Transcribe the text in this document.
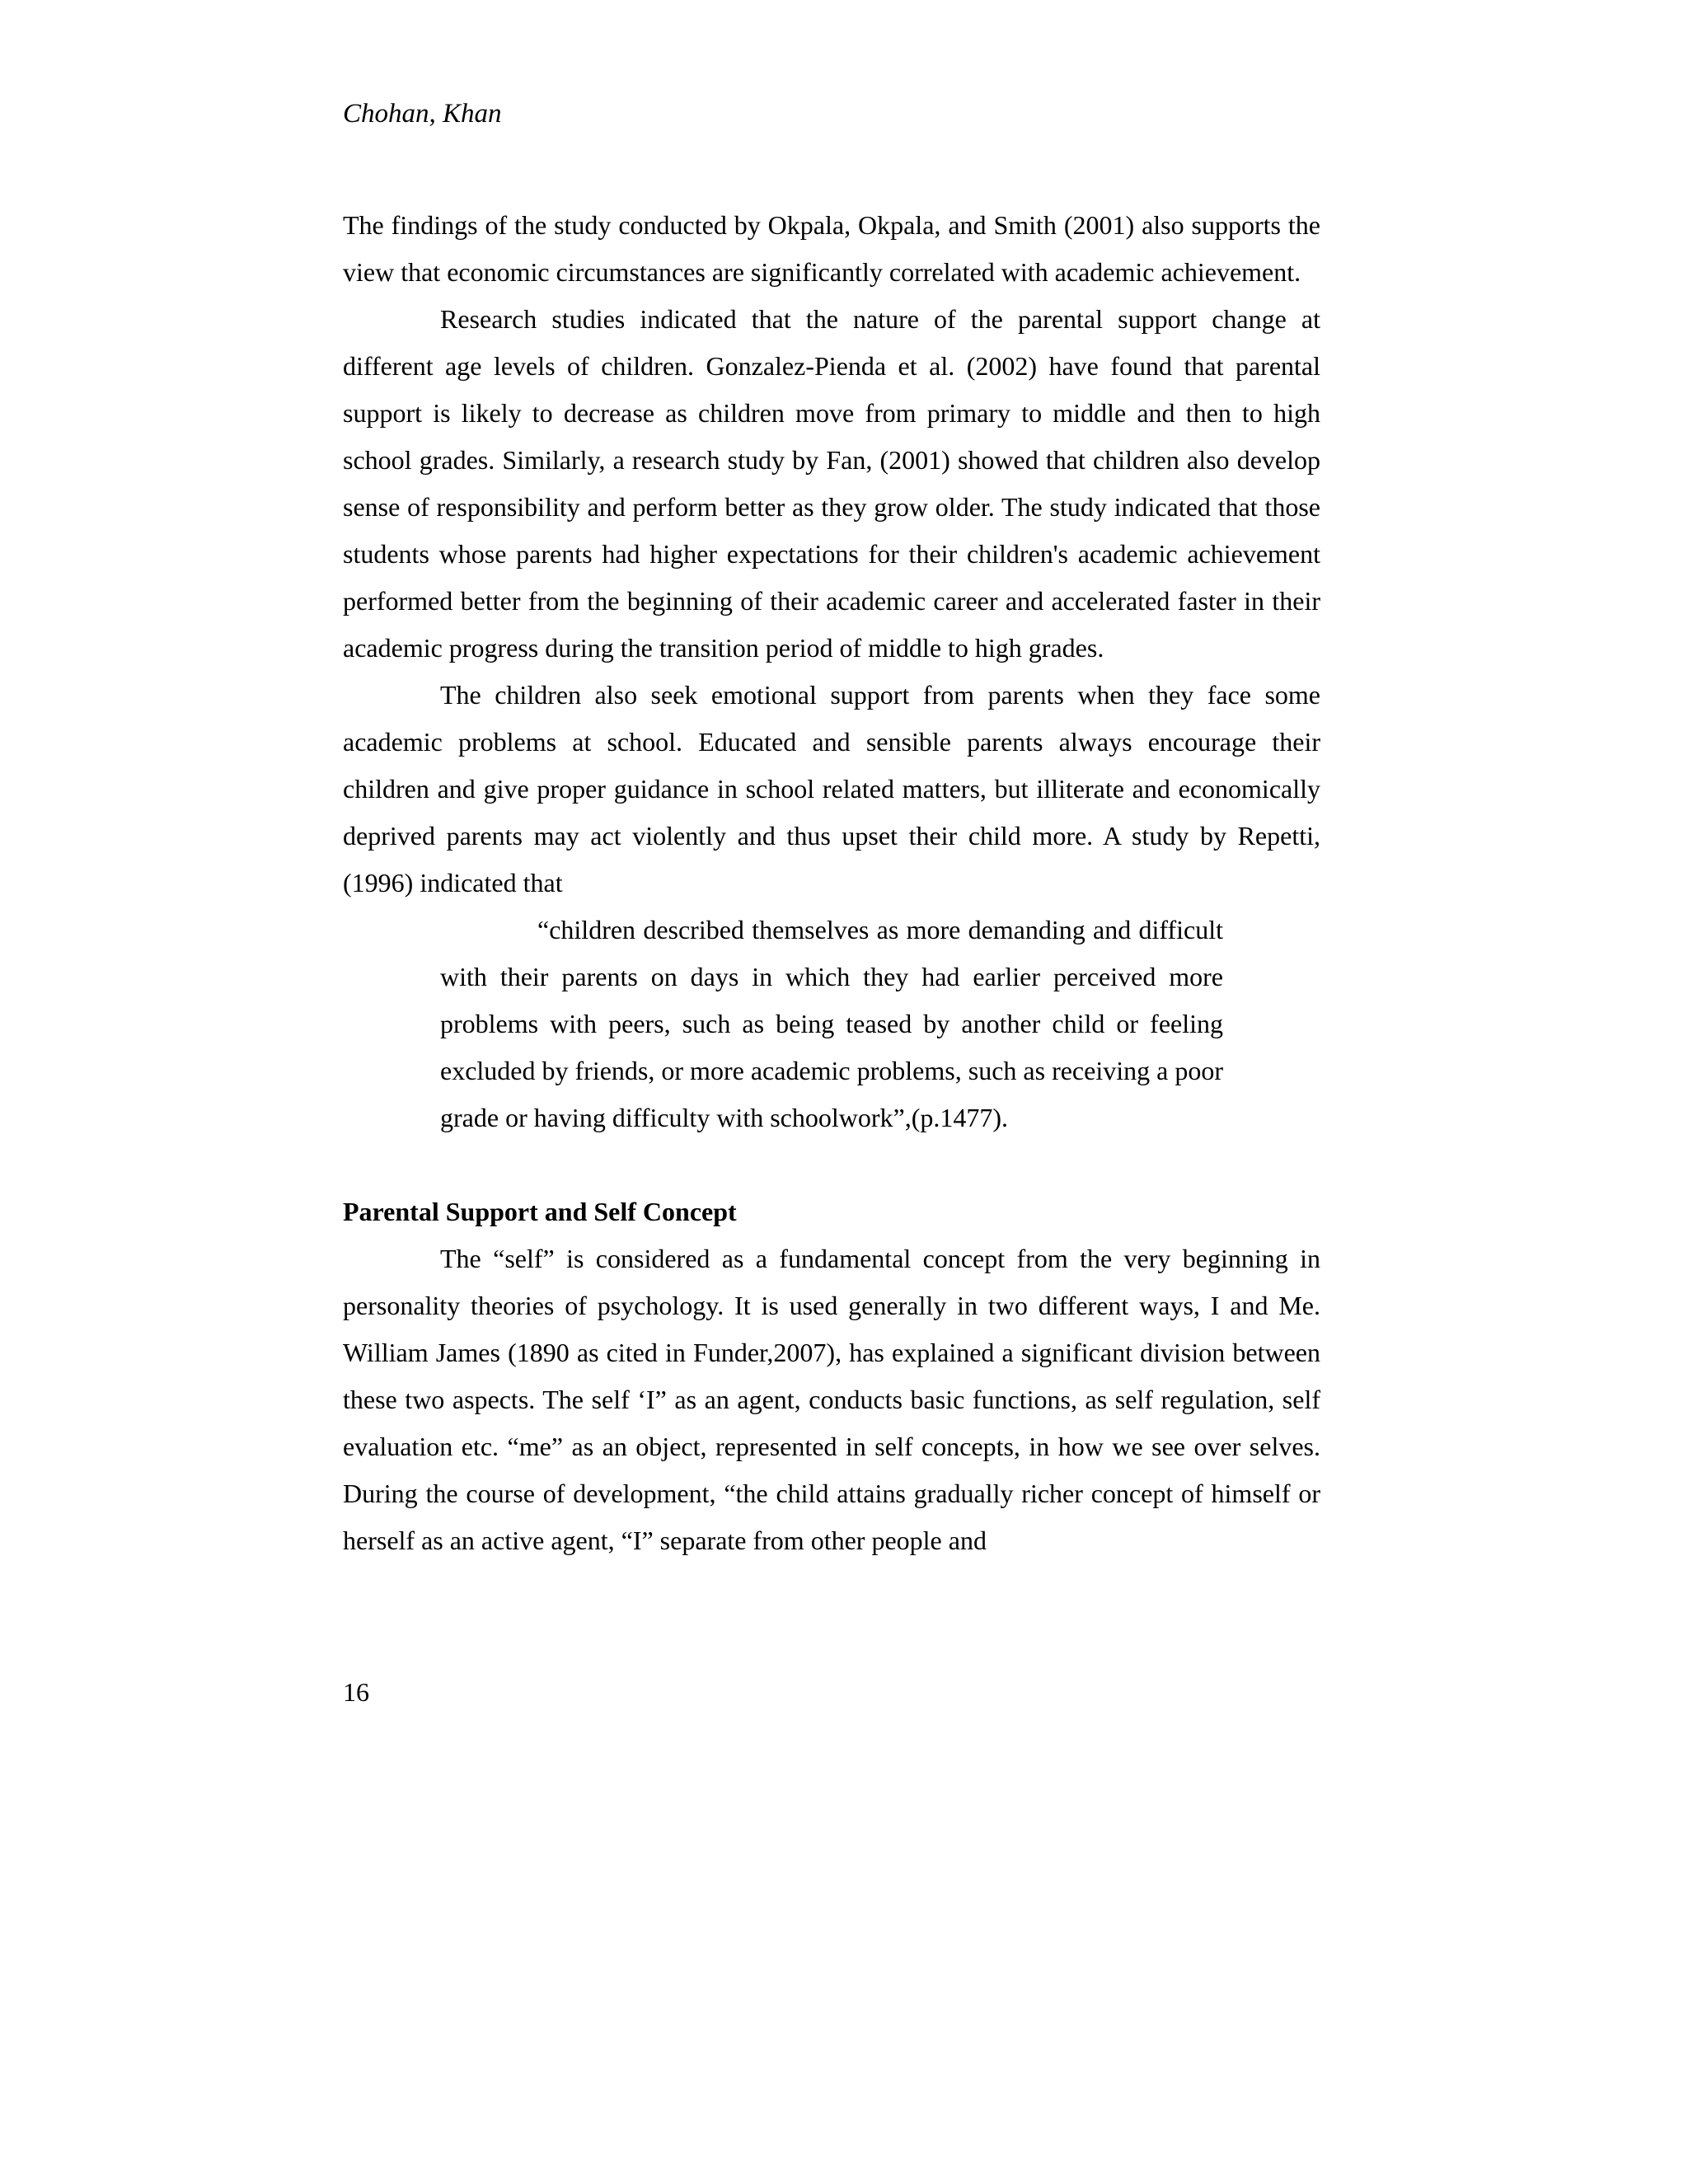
Chohan, Khan

The findings of the study conducted by Okpala, Okpala, and Smith (2001) also supports the view that economic circumstances are significantly correlated with academic achievement.

Research studies indicated that the nature of the parental support change at different age levels of children. Gonzalez-Pienda et al. (2002) have found that parental support is likely to decrease as children move from primary to middle and then to high school grades. Similarly, a research study by Fan, (2001) showed that children also develop sense of responsibility and perform better as they grow older. The study indicated that those students whose parents had higher expectations for their children's academic achievement performed better from the beginning of their academic career and accelerated faster in their academic progress during the transition period of middle to high grades.

The children also seek emotional support from parents when they face some academic problems at school. Educated and sensible parents always encourage their children and give proper guidance in school related matters, but illiterate and economically deprived parents may act violently and thus upset their child more. A study by Repetti,(1996) indicated that

“children described themselves as more demanding and difficult with their parents on days in which they had earlier perceived more problems with peers, such as being teased by another child or feeling excluded by friends, or more academic problems, such as receiving a poor grade or having difficulty with schoolwork”,(p.1477).

Parental Support and Self Concept

The “self” is considered as a fundamental concept from the very beginning in personality theories of psychology. It is used generally in two different ways, I and Me. William James (1890 as cited in Funder,2007), has explained a significant division between these two aspects. The self ‘I” as an agent, conducts basic functions, as self regulation, self evaluation etc. “me” as an object, represented in self concepts, in how we see over selves. During the course of development, “the child attains gradually richer concept of himself or herself as an active agent, “I” separate from other people and

16
